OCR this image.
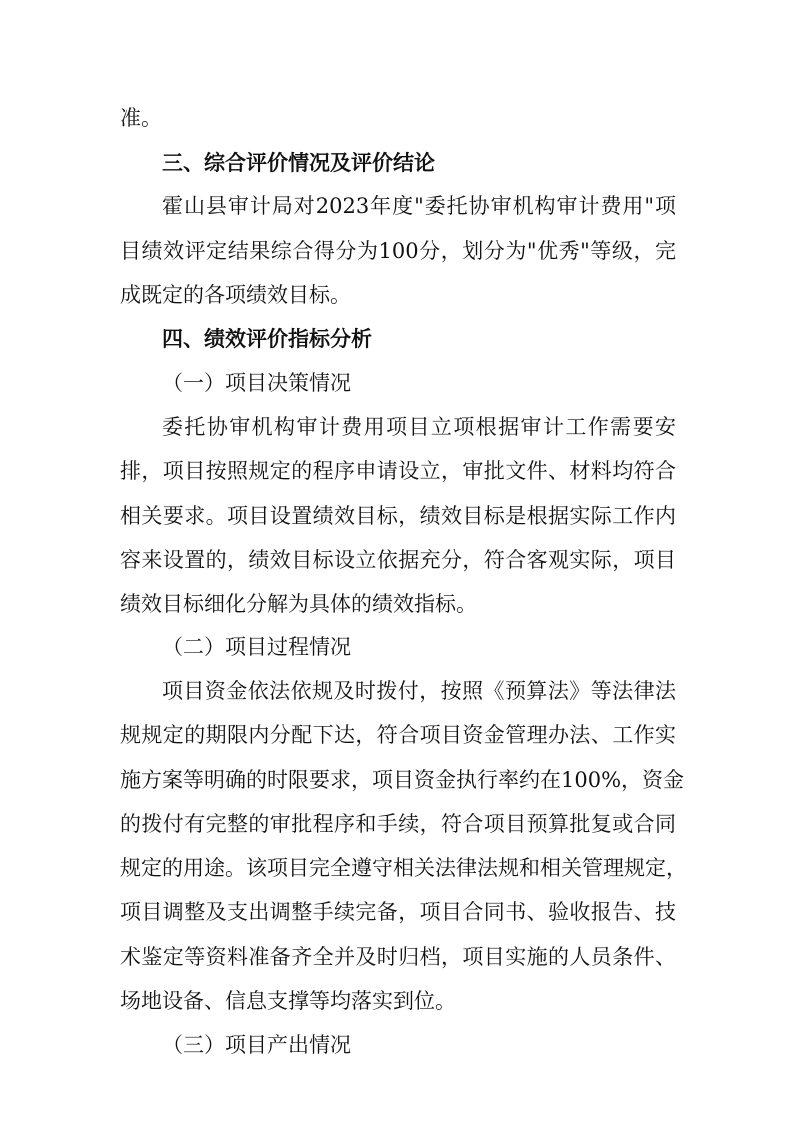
准。
三、综合评价情况及评价结论
霍山县审计局对2023年度"委托协审机构审计费用"项
目绩效评定结果综合得分为100分，划分为"优秀"等级，完
成既定的各项绩效目标。
四、绩效评价指标分析
（一）项目决策情况
委托协审机构审计费用项目立项根据审计工作需要安
排，项目按照规定的程序申请设立，审批文件、材料均符合
相关要求。项目设置绩效目标，绩效目标是根据实际工作内
容来设置的，绩效目标设立依据充分，符合客观实际，项目
绩效目标细化分解为具体的绩效指标。
（二）项目过程情况
项目资金依法依规及时拨付，按照《预算法》等法律法
规规定的期限内分配下达，符合项目资金管理办法、工作实
施方案等明确的时限要求，项目资金执行率约在100%，资金
的拨付有完整的审批程序和手续，符合项目预算批复或合同
规定的用途。该项目完全遵守相关法律法规和相关管理规定，
项目调整及支出调整手续完备，项目合同书、验收报告、技
术鉴定等资料准备齐全并及时归档，项目实施的人员条件、
场地设备、信息支撑等均落实到位。
（三）项目产出情况
